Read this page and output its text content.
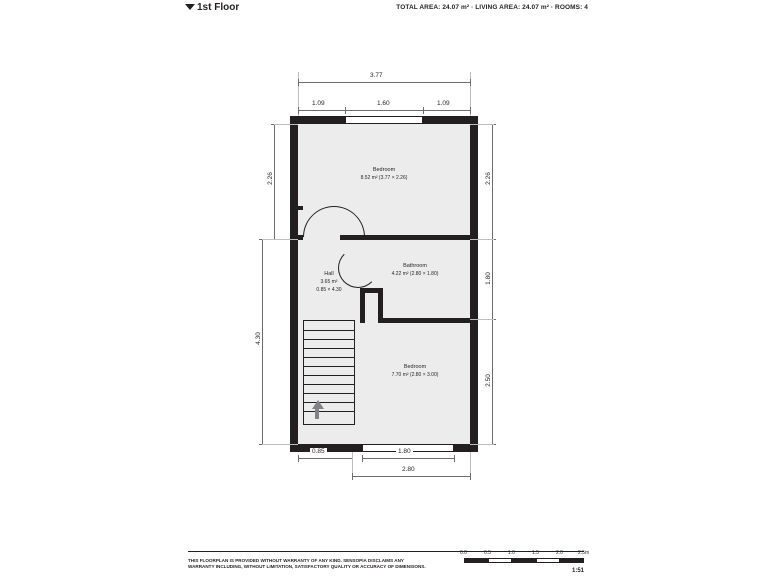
1st Floor	TOTAL AREA: 24.07 m² · LIVING AREA: 24.07 m² · ROOMS: 4
Bedroom
8.52 m² (3.77 × 2.26)
Bathroom
4.22 m² (2.80 × 1.80)
Hall
3.65 m²
0.85 × 4.30
Bedroom
7.70 m² (2.80 × 3.00)
3.77
1.09	1.60	1.09
2.26
4.30
2.26
1.80
2.50
0.85	1.80
2.80
THIS FLOORPLAN IS PROVIDED WITHOUT WARRANTY OF ANY KIND. SENSOPIA DISCLAIMS ANY
WARRANTY INCLUDING, WITHOUT LIMITATION, SATISFACTORY QUALITY OR ACCURACY OF DIMENSIONS.
0.0	0.5	1.0	1.5	2.0	2.5m
1:51
